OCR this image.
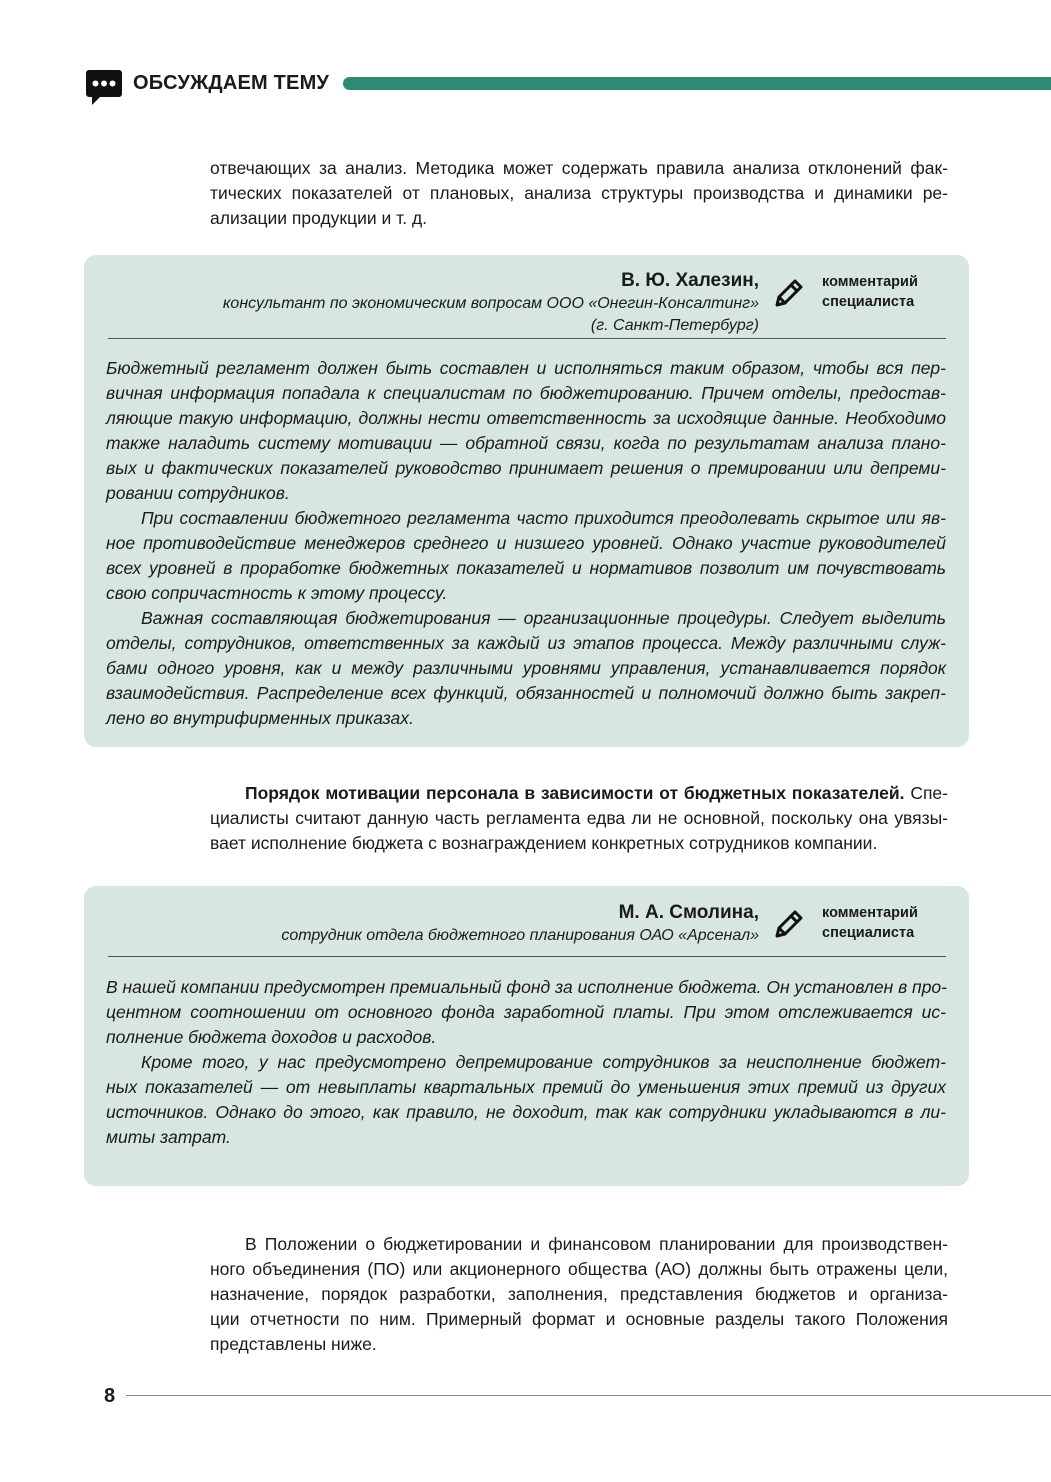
ОБСУЖДАЕМ ТЕМУ
отвечающих за анализ. Методика может содержать правила анализа отклонений фак-
тических показателей от плановых, анализа структуры производства и динамики ре-
ализации продукции и т. д.
В. Ю. Халезин,
консультант по экономическим вопросам ООО «Онегин-Консалтинг»
(г. Санкт-Петербург)
комментарий
специалиста
Бюджетный регламент должен быть составлен и исполняться таким образом, чтобы вся пер-
вичная информация попадала к специалистам по бюджетированию. Причем отделы, предостав-
ляющие такую информацию, должны нести ответственность за исходящие данные. Необходимо
также наладить систему мотивации — обратной связи, когда по результатам анализа плано-
вых и фактических показателей руководство принимает решения о премировании или депреми-
ровании сотрудников.
При составлении бюджетного регламента часто приходится преодолевать скрытое или яв-
ное противодействие менеджеров среднего и низшего уровней. Однако участие руководителей
всех уровней в проработке бюджетных показателей и нормативов позволит им почувствовать
свою сопричастность к этому процессу.
Важная составляющая бюджетирования — организационные процедуры. Следует выделить
отделы, сотрудников, ответственных за каждый из этапов процесса. Между различными служ-
бами одного уровня, как и между различными уровнями управления, устанавливается порядок
взаимодействия. Распределение всех функций, обязанностей и полномочий должно быть закреп-
лено во внутрифирменных приказах.
Порядок мотивации персонала в зависимости от бюджетных показателей. Спе-
циалисты считают данную часть регламента едва ли не основной, поскольку она увязы-
вает исполнение бюджета с вознаграждением конкретных сотрудников компании.
М. А. Смолина,
сотрудник отдела бюджетного планирования ОАО «Арсенал»
комментарий
специалиста
В нашей компании предусмотрен премиальный фонд за исполнение бюджета. Он установлен в про-
центном соотношении от основного фонда заработной платы. При этом отслеживается ис-
полнение бюджета доходов и расходов.
Кроме того, у нас предусмотрено депремирование сотрудников за неисполнение бюджет-
ных показателей — от невыплаты квартальных премий до уменьшения этих премий из других
источников. Однако до этого, как правило, не доходит, так как сотрудники укладываются в ли-
миты затрат.
В Положении о бюджетировании и финансовом планировании для производствен-
ного объединения (ПО) или акционерного общества (АО) должны быть отражены цели,
назначение, порядок разработки, заполнения, представления бюджетов и организа-
ции отчетности по ним. Примерный формат и основные разделы такого Положения
представлены ниже.
8
